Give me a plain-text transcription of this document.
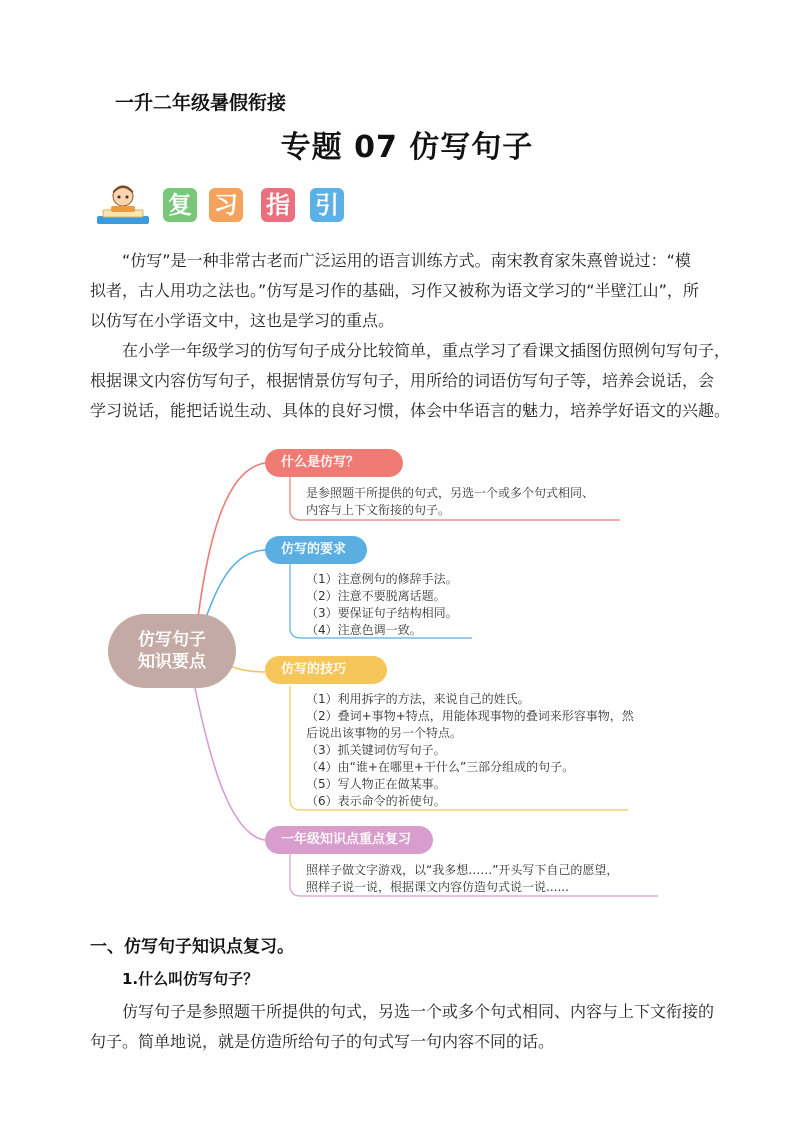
一升二年级暑假衔接
专题 07 仿写句子
复 习 指 引
“仿写”是一种非常古老而广泛运用的语言训练方式。南宋教育家朱熹曾说过：“模
拟者，古人用功之法也。”仿写是习作的基础，习作又被称为语文学习的“半壁江山”，所
以仿写在小学语文中，这也是学习的重点。
在小学一年级学习的仿写句子成分比较简单，重点学习了看课文插图仿照例句写句子，
根据课文内容仿写句子，根据情景仿写句子，用所给的词语仿写句子等，培养会说话，会
学习说话，能把话说生动、具体的良好习惯，体会中华语言的魅力，培养学好语文的兴趣。
仿写句子
知识要点
什么是仿写？
是参照题干所提供的句式，另选一个或多个句式相同、
内容与上下文衔接的句子。
仿写的要求
（1）注意例句的修辞手法。
（2）注意不要脱离话题。
（3）要保证句子结构相同。
（4）注意色调一致。
仿写的技巧
（1）利用拆字的方法，来说自己的姓氏。
（2）叠词+事物+特点，用能体现事物的叠词来形容事物，然
后说出该事物的另一个特点。
（3）抓关键词仿写句子。
（4）由“谁+在哪里+干什么”三部分组成的句子。
（5）写人物正在做某事。
（6）表示命令的祈使句。
一年级知识点重点复习
照样子做文字游戏，以“我多想……”开头写下自己的愿望，
照样子说一说，根据课文内容仿造句式说一说......
一、仿写句子知识点复习。
1.什么叫仿写句子？
仿写句子是参照题干所提供的句式，另选一个或多个句式相同、内容与上下文衔接的
句子。简单地说，就是仿造所给句子的句式写一句内容不同的话。
